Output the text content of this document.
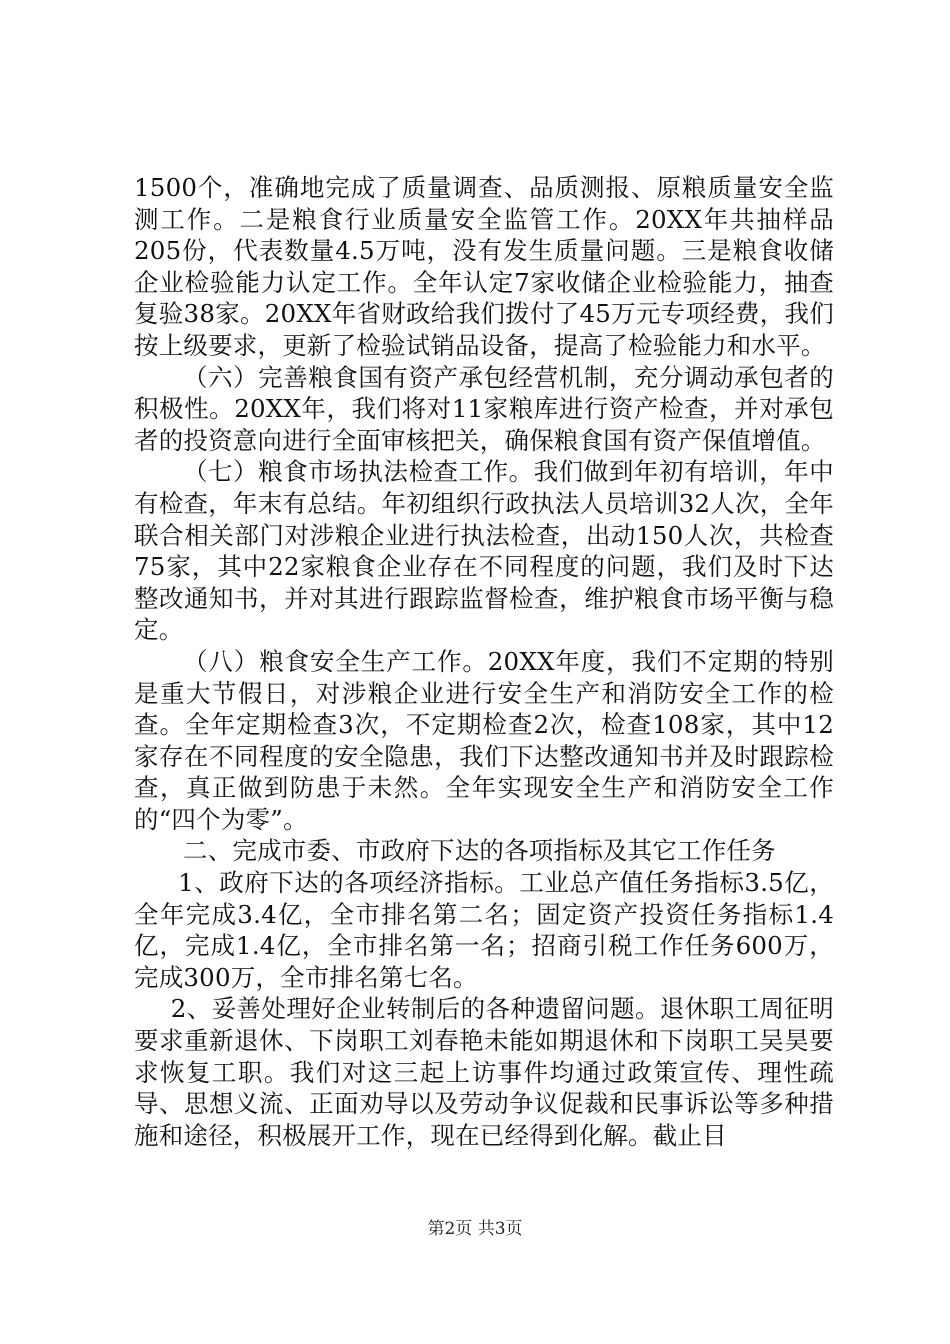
1500个，准确地完成了质量调查、品质测报、原粮质量安全监测工作。二是粮食行业质量安全监管工作。20XX年共抽样品205份，代表数量4.5万吨，没有发生质量问题。三是粮食收储企业检验能力认定工作。全年认定7家收储企业检验能力，抽查复验38家。20XX年省财政给我们拨付了45万元专项经费，我们按上级要求，更新了检验试销品设备，提高了检验能力和水平。

（六）完善粮食国有资产承包经营机制，充分调动承包者的积极性。20XX年，我们将对11家粮库进行资产检查，并对承包者的投资意向进行全面审核把关，确保粮食国有资产保值增值。

（七）粮食市场执法检查工作。我们做到年初有培训，年中有检查，年末有总结。年初组织行政执法人员培训32人次，全年联合相关部门对涉粮企业进行执法检查，出动150人次，共检查75家，其中22家粮食企业存在不同程度的问题，我们及时下达整改通知书，并对其进行跟踪监督检查，维护粮食市场平衡与稳定。

（八）粮食安全生产工作。20XX年度，我们不定期的特别是重大节假日，对涉粮企业进行安全生产和消防安全工作的检查。全年定期检查3次，不定期检查2次，检查108家，其中12家存在不同程度的安全隐患，我们下达整改通知书并及时跟踪检查，真正做到防患于未然。全年实现安全生产和消防安全工作的“四个为零”。

二、完成市委、市政府下达的各项指标及其它工作任务

1、政府下达的各项经济指标。工业总产值任务指标3.5亿，全年完成3.4亿，全市排名第二名；固定资产投资任务指标1.4亿，完成1.4亿，全市排名第一名；招商引税工作任务600万，完成300万，全市排名第七名。

2、妥善处理好企业转制后的各种遗留问题。退休职工周征明要求重新退休、下岗职工刘春艳未能如期退休和下岗职工吴昊要求恢复工职。我们对这三起上访事件均通过政策宣传、理性疏导、思想义流、正面劝导以及劳动争议促裁和民事诉讼等多种措施和途径，积极展开工作，现在已经得到化解。截止目

第2页 共3页
